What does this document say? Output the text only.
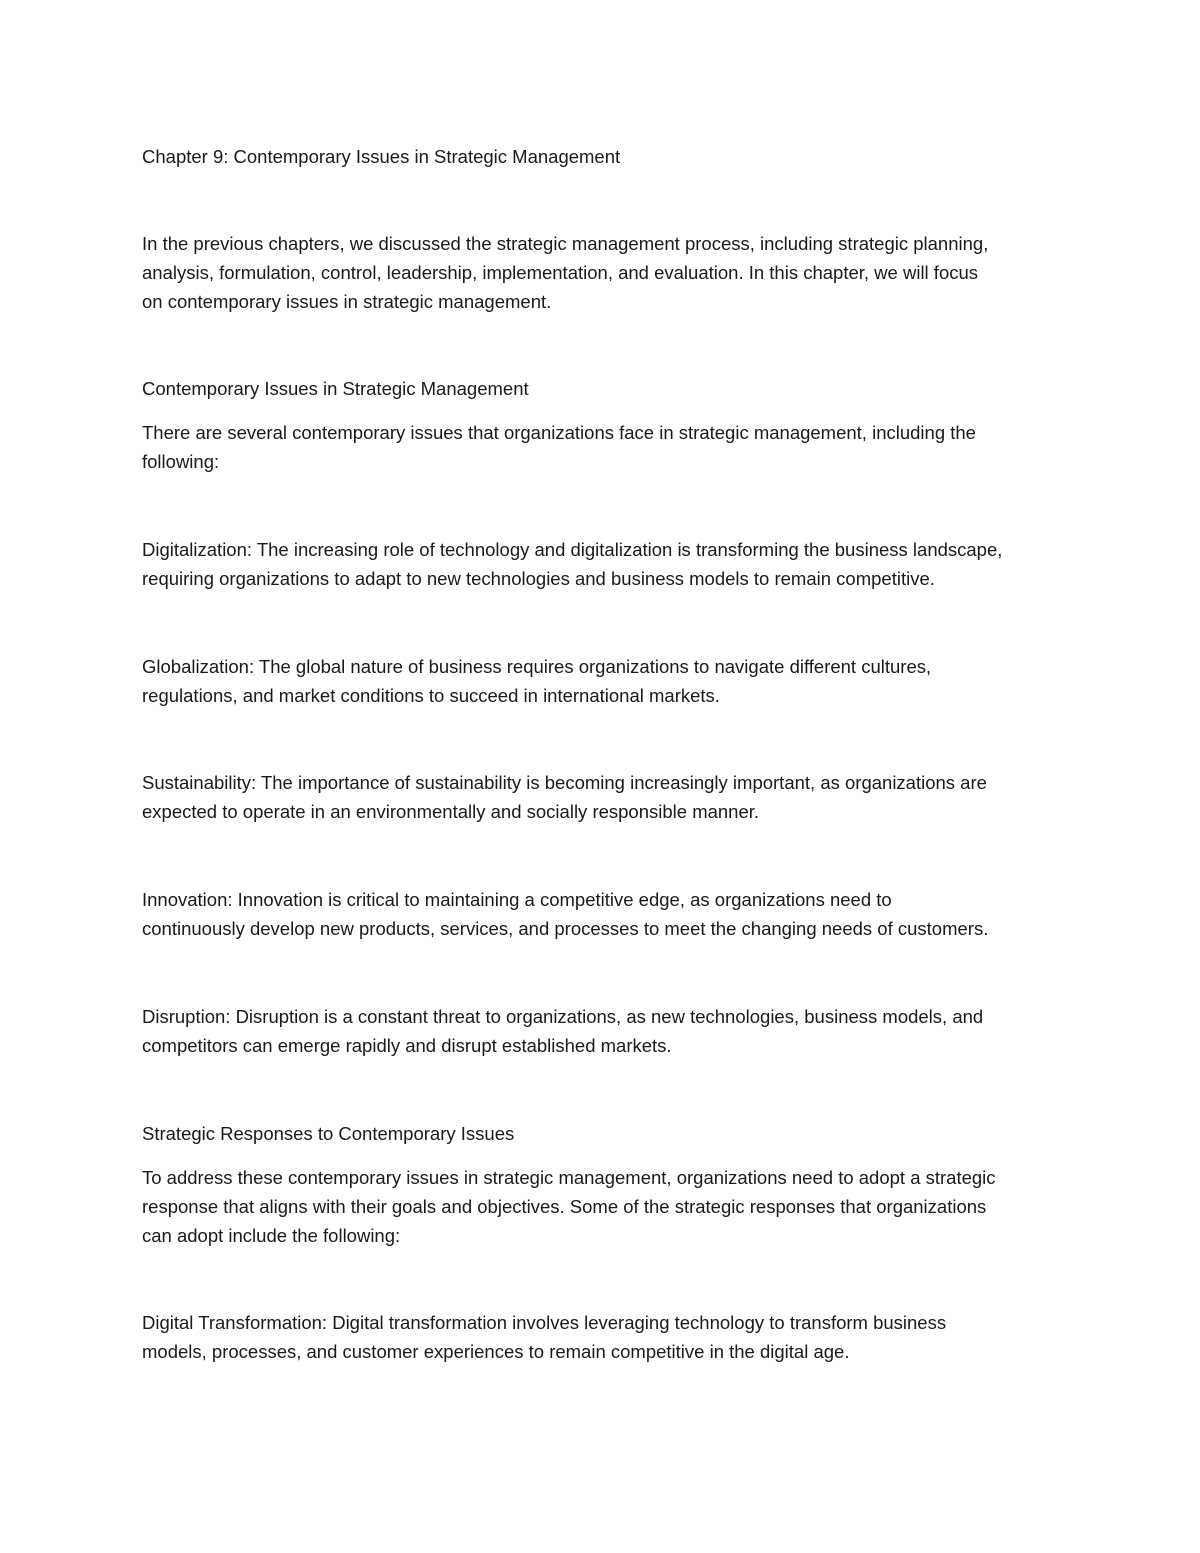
Chapter 9: Contemporary Issues in Strategic Management

In the previous chapters, we discussed the strategic management process, including strategic planning,

analysis, formulation, control, leadership, implementation, and evaluation. In this chapter, we will focus

on contemporary issues in strategic management.

Contemporary Issues in Strategic Management

There are several contemporary issues that organizations face in strategic management, including the

following:

Digitalization: The increasing role of technology and digitalization is transforming the business landscape,

requiring organizations to adapt to new technologies and business models to remain competitive.

Globalization: The global nature of business requires organizations to navigate different cultures,

regulations, and market conditions to succeed in international markets.

Sustainability: The importance of sustainability is becoming increasingly important, as organizations are

expected to operate in an environmentally and socially responsible manner.

Innovation: Innovation is critical to maintaining a competitive edge, as organizations need to

continuously develop new products, services, and processes to meet the changing needs of customers.

Disruption: Disruption is a constant threat to organizations, as new technologies, business models, and

competitors can emerge rapidly and disrupt established markets.

Strategic Responses to Contemporary Issues

To address these contemporary issues in strategic management, organizations need to adopt a strategic

response that aligns with their goals and objectives. Some of the strategic responses that organizations

can adopt include the following:

Digital Transformation: Digital transformation involves leveraging technology to transform business

models, processes, and customer experiences to remain competitive in the digital age.
